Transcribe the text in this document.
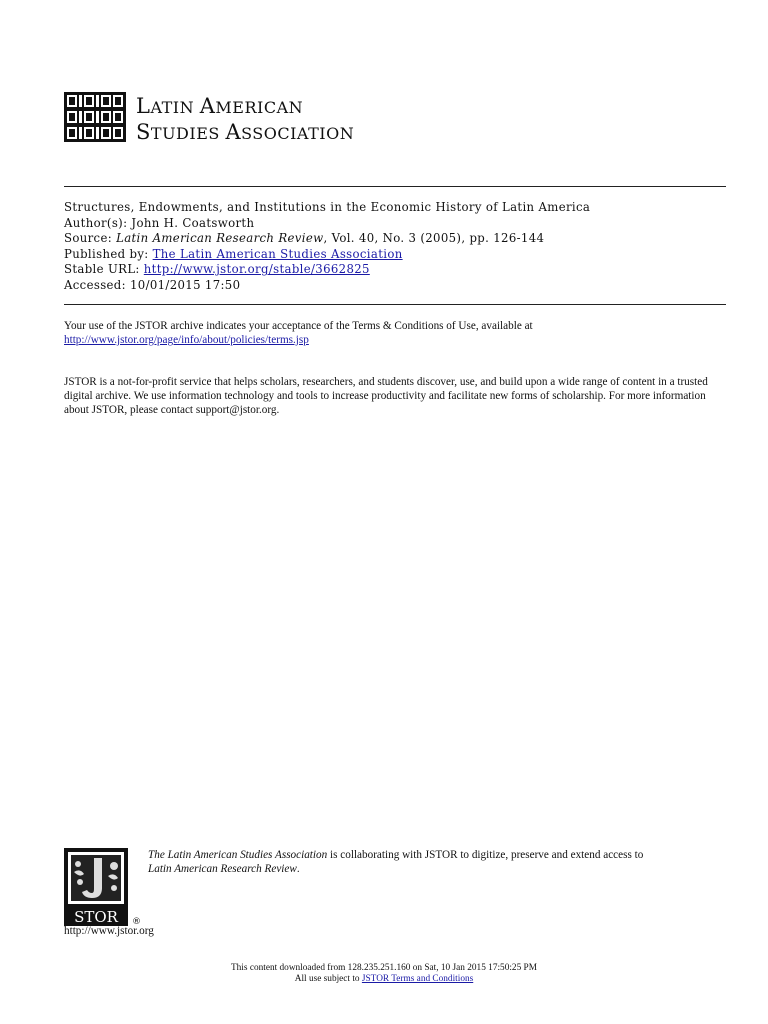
LATIN AMERICAN
STUDIES ASSOCIATION
Structures, Endowments, and Institutions in the Economic History of Latin America
Author(s): John H. Coatsworth
Source: Latin American Research Review, Vol. 40, No. 3 (2005), pp. 126-144
Published by: The Latin American Studies Association
Stable URL: http://www.jstor.org/stable/3662825
Accessed: 10/01/2015 17:50
Your use of the JSTOR archive indicates your acceptance of the Terms & Conditions of Use, available at
http://www.jstor.org/page/info/about/policies/terms.jsp
JSTOR is a not-for-profit service that helps scholars, researchers, and students discover, use, and build upon a wide range of content in a trusted digital archive. We use information technology and tools to increase productivity and facilitate new forms of scholarship. For more information about JSTOR, please contact support@jstor.org.
STOR ®
The Latin American Studies Association is collaborating with JSTOR to digitize, preserve and extend access to
Latin American Research Review.
http://www.jstor.org
This content downloaded from 128.235.251.160 on Sat, 10 Jan 2015 17:50:25 PM
All use subject to JSTOR Terms and Conditions
